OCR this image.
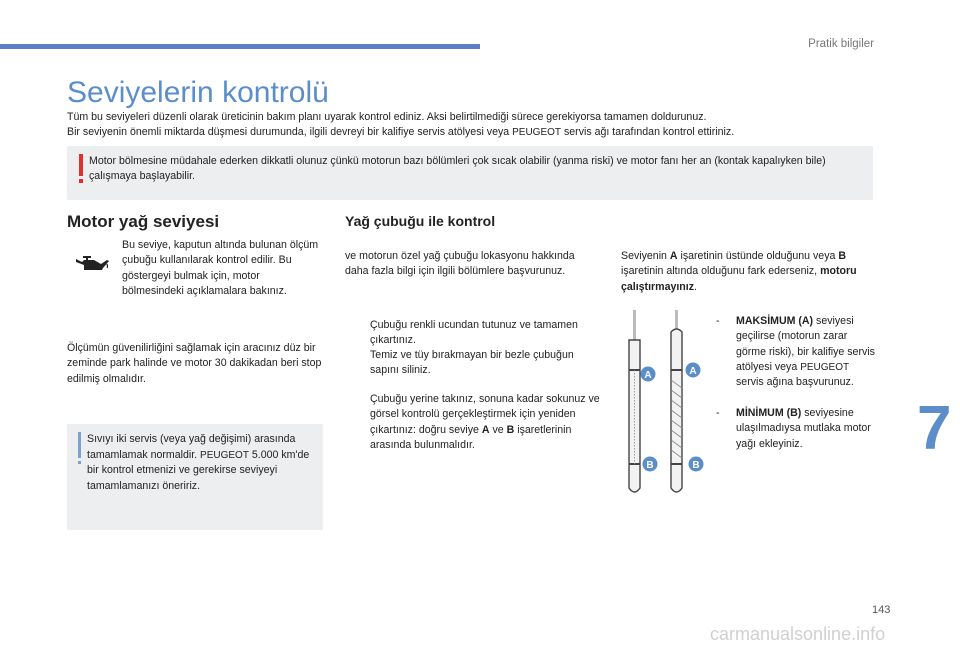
Pratik bilgiler
Seviyelerin kontrolü
Tüm bu seviyeleri düzenli olarak üreticinin bakım planı uyarak kontrol ediniz. Aksi belirtilmediği sürece gerekiyorsa tamamen doldurunuz.
Bir seviyenin önemli miktarda düşmesi durumunda, ilgili devreyi bir kalifiye servis atölyesi veya PEUGEOT servis ağı tarafından kontrol ettiriniz.
Motor bölmesine müdahale ederken dikkatli olunuz çünkü motorun bazı bölümleri çok sıcak olabilir (yanma riski) ve motor fanı her an (kontak kapalıyken bile) çalışmaya başlayabilir.
Motor yağ seviyesi	Yağ çubuğu ile kontrol
Bu seviye, kaputun altında bulunan ölçüm çubuğu kullanılarak kontrol edilir. Bu göstergeyi bulmak için, motor bölmesindeki açıklamalara bakınız.
Ölçümün güvenilirliğini sağlamak için aracınız düz bir zeminde park halinde ve motor 30 dakikadan beri stop edilmiş olmalıdır.
Sıvıyı iki servis (veya yağ değişimi) arasında tamamlamak normaldir. PEUGEOT 5.000 km'de bir kontrol etmenizi ve gerekirse seviyeyi tamamlamanızı öneririz.
ve motorun özel yağ çubuğu lokasyonu hakkında daha fazla bilgi için ilgili bölümlere başvurunuz.
Çubuğu renkli ucundan tutunuz ve tamamen çıkartınız.
Temiz ve tüy bırakmayan bir bezle çubuğun sapını siliniz.
Çubuğu yerine takınız, sonuna kadar sokunuz ve görsel kontrolü gerçekleştirmek için yeniden çıkartınız: doğru seviye A ve B işaretlerinin arasında bulunmalıdır.
Seviyenin A işaretinin üstünde olduğunu veya B işaretinin altında olduğunu fark ederseniz, motoru çalıştırmayınız.
A	A
B	B
-	MAKSİMUM (A) seviyesi geçilirse (motorun zarar görme riski), bir kalifiye servis atölyesi veya PEUGEOT servis ağına başvurunuz.
-	MİNİMUM (B) seviyesine ulaşılmadıysa mutlaka motor yağı ekleyiniz.	7
143
carmanualsonline.info
